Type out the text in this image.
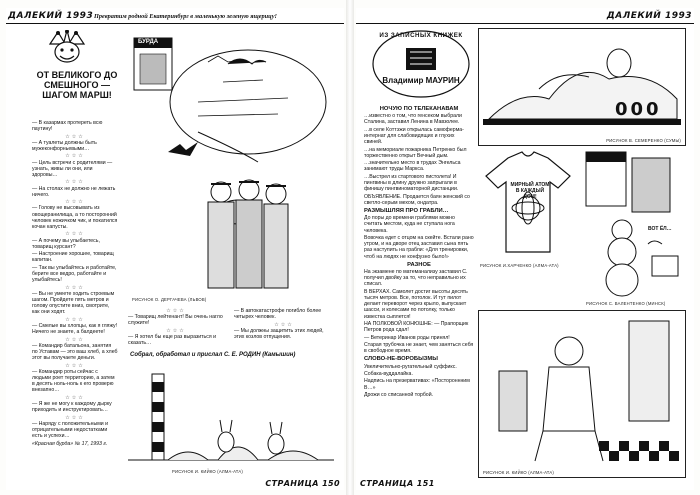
ДАЛЕКИЙ 1993 Превратим родной Екатеринбург в маленькую зеленую ящерицу!
ОТ ВЕЛИКОГО ДО СМЕШНОГО — ШАГОМ МАРШ!

— В казармах протереть всю паутину!

☆☆☆

— А туалеты должны быть мужеконфорньевыми…

☆☆☆

— Цель встречи с родителями — узнать, живы ли они, или здоровы…

☆☆☆

— На столах не должно не лежать ничего.

☆☆☆

— Голову не высовывать из овощеранилища, а то посторонний человек ножичком чик, и покатился кочан капусты.

☆☆☆

— А почему вы улыбаетесь, товарищ курсант?

— Настроение хорошее, товарищ капитан.

— Так вы улыбайтесь и работайте, берите все ведро, работайте и улыбайтесь!

☆☆☆

— Вы не умеете ходить строевым шагом. Пройдете пять метров и голову опустите вниз, смотрите, как они ходят.

☆☆☆

— Смелые вы хлопцы, как я гляжу! Ничего не знаете, а балдеете!

☆☆☆

— Командир батальона, занятия по Уставам — это ваш хлеб, а хлеб этот вы получаете деньги.

☆☆☆

— Командир роты сейчас с людьми роет территорию, а затем в десять ноль-ноль к его проверю внезапно…

☆☆☆

— Я же не могу к каждому дырку приходить и инструктировать…

☆☆☆

— Наряду с положительными и отрицательными недостатками есть и успехи…

«Красная бурда» № 17, 1993 г.

РИСУНОК О. ДЕРГАЧЕВА (ЛЬВОВ)
БУРДА
☆☆☆

— Товарищ лейтенант! Вы очень нагло служите!

☆☆☆

— Я хотел бы еще раз выразиться и сказать…

— В автокатастрофе погибло более четырех человек.

☆☆☆

— Мы должны защитить этих людей, этих козлов отпущения.

Собрал, обработал и прислал С. Е. РОДИН (Камышин)
РИСУНОК И. КИЙКО (АЛМА-АТА)
СТРАНИЦА 150
ДАЛЕКИЙ 1993
ИЗ ЗАПИСНЫХ КНИЖЕК
Владимир МАУРИН
НОЧУЮ ПО ТЕЛЕКАНАВАМ

…известно о том, что генсеком выбрали Сталина, заставил Ленина в Мавзолее.

…в селе Коттэжи открылась самоферма-интернат для слабовидящих и глухих свиней.

…на мемориале пожарника Петренко был торжественно открыт Вечный дым.

…значительно место в трудах Энгельса занимают труды Маркса.

…Выстрел из стартового пистолета! И пингвины в длину дружно запрыгали в финишу пингвиноматорной дистанции.

ОБЪЯВЛЕНИЕ. Продается баян женский со светло-серым мехом, ондатра.

РАЗМЫШЛЯЯ ПРО ГРАБЛИ…

До поры до времени граблями можно считать местом, куда не ступала нога человека.

Вовочка едет с отцом на скейте. Встали рано утром, и на дворе отец заставил сына пять раз наступить на грабли: «Для тренировки, чтоб на людях не конфузно было!»

РАЗНОЕ

На экзамене по матеманализу заставил С. получил двойку за то, что неправильно их списал.

В ВЕРХАХ. Самолет достиг высоты десять тысяч метров. Все, потолок. И тут пилот делает переворот через крыло, выпускает шасси, и колесами по потолку, только известка сыплется!

НА ПОЛКОВОЙ КОНЮШНЕ: — Прапорщик Петров рода сдал!

— Ветеринар Иванов роды принял!

Старая трубочка не знает, чем заняться себя в свободное время.

СЛОВО-НЕ-ВОРОБЫЗМЫ

Увеличительно-ругательный суффикс.

Собака-вуддалайка.

Надпись на презервативах: «Постороннним В…»

Дрожи со списанной торбой.

000
РИСУНОК В. СЕМЕРЕНКО (СУМЫ)
МИРНЫЙ АТОМ В КАЖДЫЙ ДОМ!
РИСУНОК И.ХАРЧЕНКО (АЛМА-АТА)
ВОТ ЁЛ…
РИСУНОК С. ВАЛЕНТЕНКО (МИНСК)
РИСУНОК И. КИЙКО (АЛМА-АТА)
СТРАНИЦА 151
